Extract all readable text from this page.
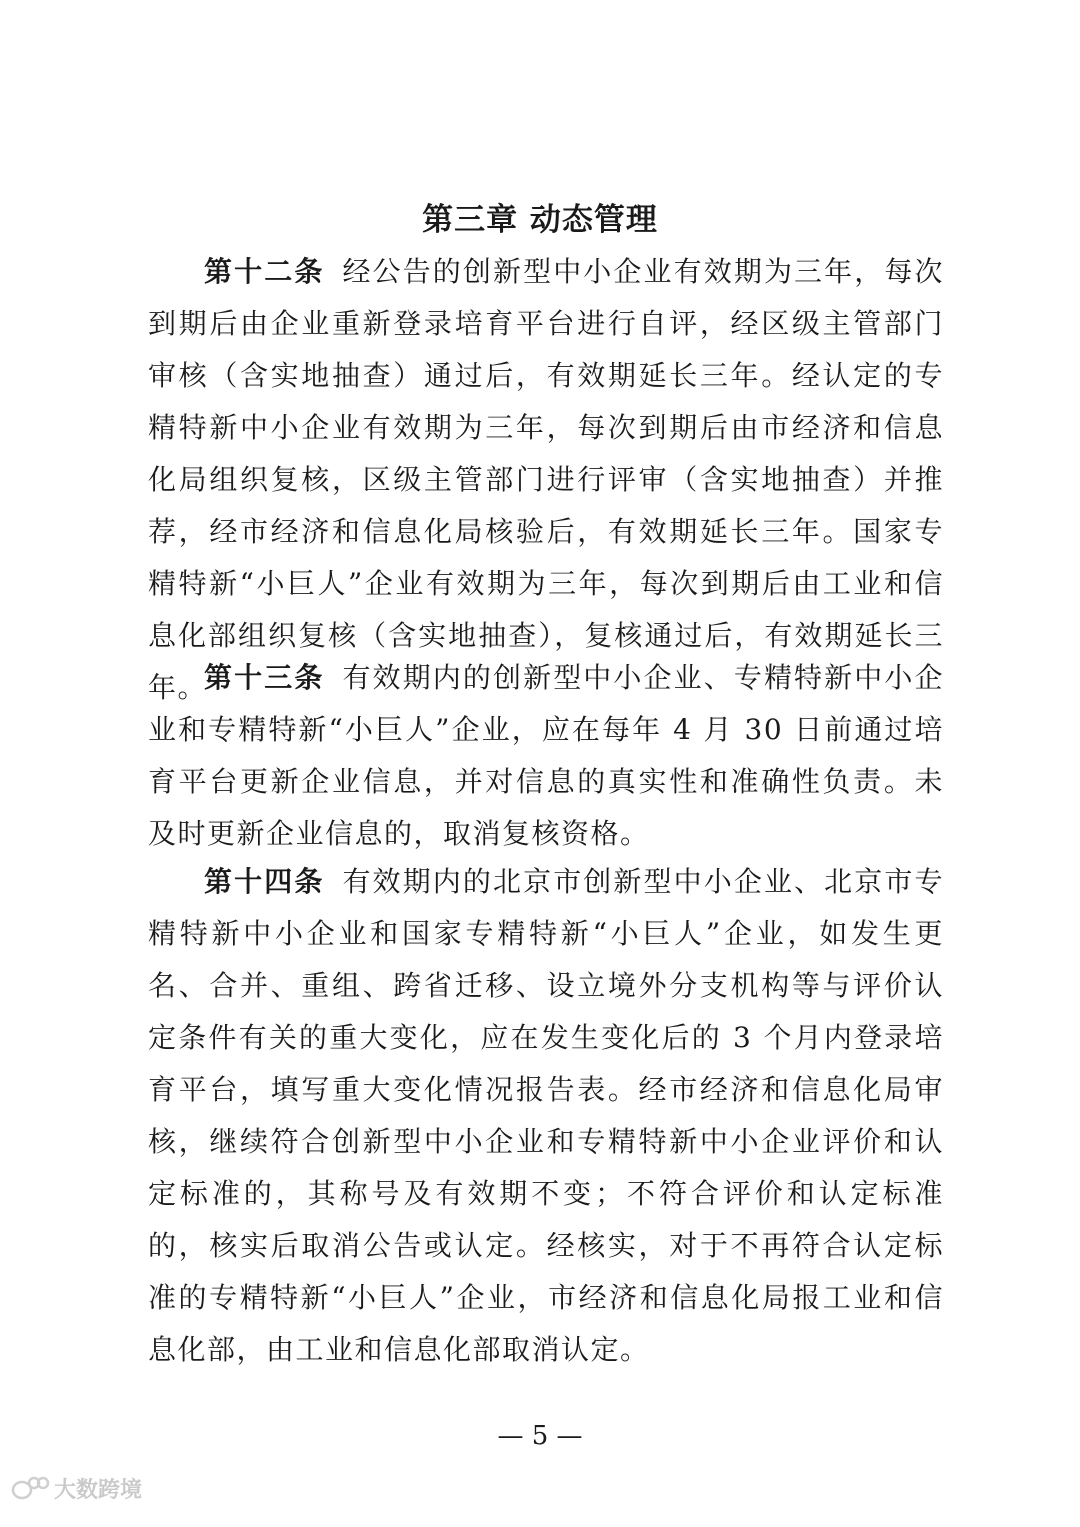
第三章 动态管理

第十二条 经公告的创新型中小企业有效期为三年，每次到期后由企业重新登录培育平台进行自评，经区级主管部门审核（含实地抽查）通过后，有效期延长三年。经认定的专精特新中小企业有效期为三年，每次到期后由市经济和信息化局组织复核，区级主管部门进行评审（含实地抽查）并推荐，经市经济和信息化局核验后，有效期延长三年。国家专精特新“小巨人”企业有效期为三年，每次到期后由工业和信息化部组织复核（含实地抽查），复核通过后，有效期延长三年。

第十三条 有效期内的创新型中小企业、专精特新中小企业和专精特新“小巨人”企业，应在每年 4 月 30 日前通过培育平台更新企业信息，并对信息的真实性和准确性负责。未及时更新企业信息的，取消复核资格。

第十四条 有效期内的北京市创新型中小企业、北京市专精特新中小企业和国家专精特新“小巨人”企业，如发生更名、合并、重组、跨省迁移、设立境外分支机构等与评价认定条件有关的重大变化，应在发生变化后的 3 个月内登录培育平台，填写重大变化情况报告表。经市经济和信息化局审核，继续符合创新型中小企业和专精特新中小企业评价和认定标准的，其称号及有效期不变；不符合评价和认定标准的，核实后取消公告或认定。经核实，对于不再符合认定标准的专精特新“小巨人”企业，市经济和信息化局报工业和信息化部，由工业和信息化部取消认定。

— 5 —
大数跨境
